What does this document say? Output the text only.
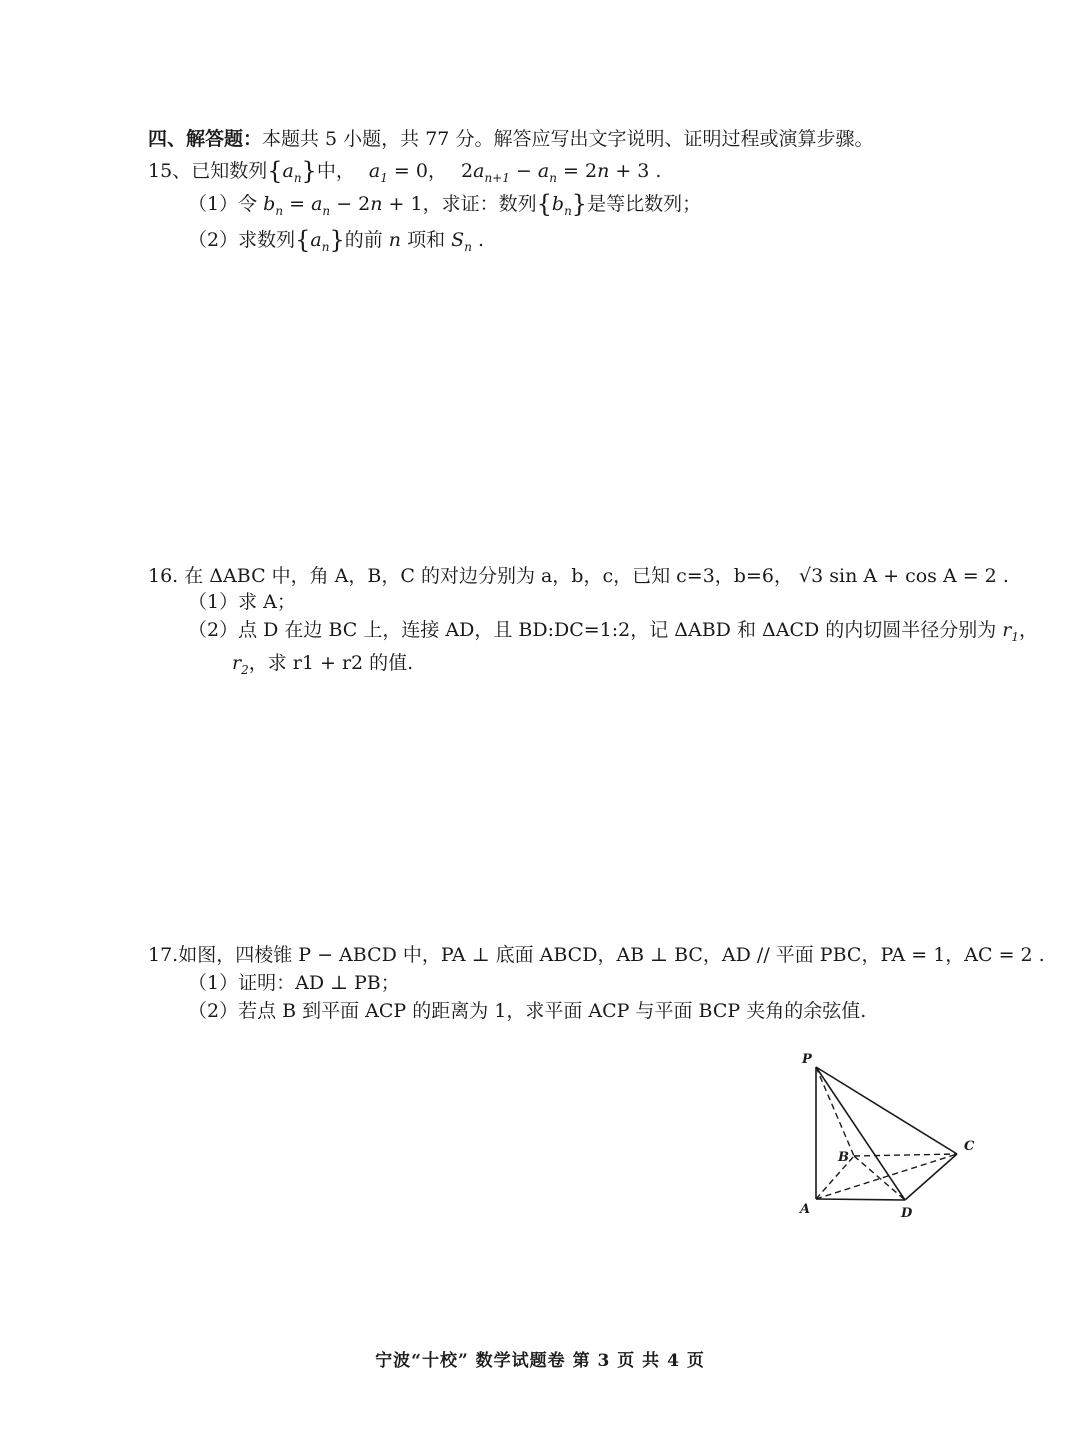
四、解答题：本题共 5 小题，共 77 分。解答应写出文字说明、证明过程或演算步骤。
15、已知数列$\{a_n\}$中， $a_1 = 0$， $2a_{n+1} - a_n = 2n + 3$ .
（1）令 $b_n = a_n - 2n + 1$，求证：数列$\{b_n\}$是等比数列；
（2）求数列$\{a_n\}$的前 n 项和 $S_n$ .
16. 在 ΔABC 中，角 A，B，C 的对边分别为 a，b，c，已知 c=3，b=6， √3 sin A + cos A = 2 .
（1）求 A；
（2）点 D 在边 BC 上，连接 AD，且 BD:DC=1:2，记 ΔABD 和 ΔACD 的内切圆半径分别为 $r_1$，
$r_2$，求 r1 + r2 的值.
17.如图，四棱锥 P − ABCD 中，PA ⊥ 底面 ABCD，AB ⊥ BC，AD // 平面 PBC，PA = 1，AC = 2 .
（1）证明：AD ⊥ PB；
（2）若点 B 到平面 ACP 的距离为 1，求平面 ACP 与平面 BCP 夹角的余弦值.
P
A
B
C
D
宁波“十校” 数学试题卷 第 3 页 共 4 页
